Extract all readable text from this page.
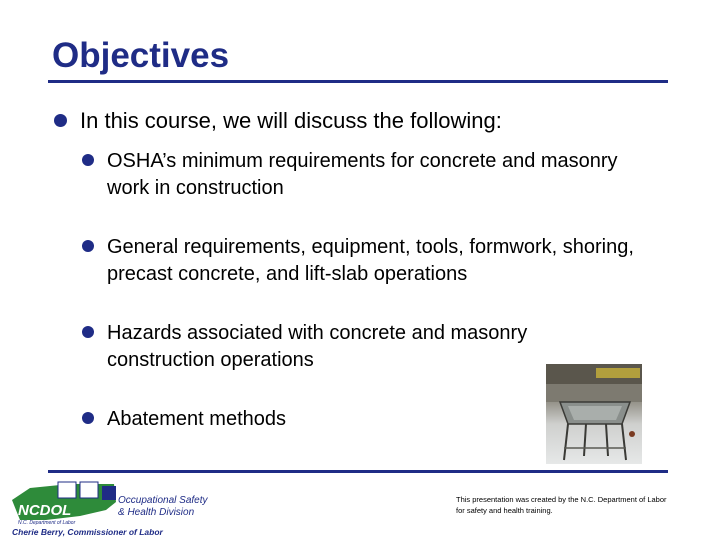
Objectives
In this course, we will discuss the following:
OSHA’s minimum requirements for concrete and masonry work in construction
General requirements, equipment, tools, formwork, shoring, precast concrete, and lift-slab operations
Hazards associated with concrete and masonry construction operations
Abatement methods
NCDOL
N.C. Department of Labor
Occupational Safety
& Health Division
Cherie Berry, Commissioner of Labor
This presentation was created by the N.C. Department of Labor for safety and health training.
